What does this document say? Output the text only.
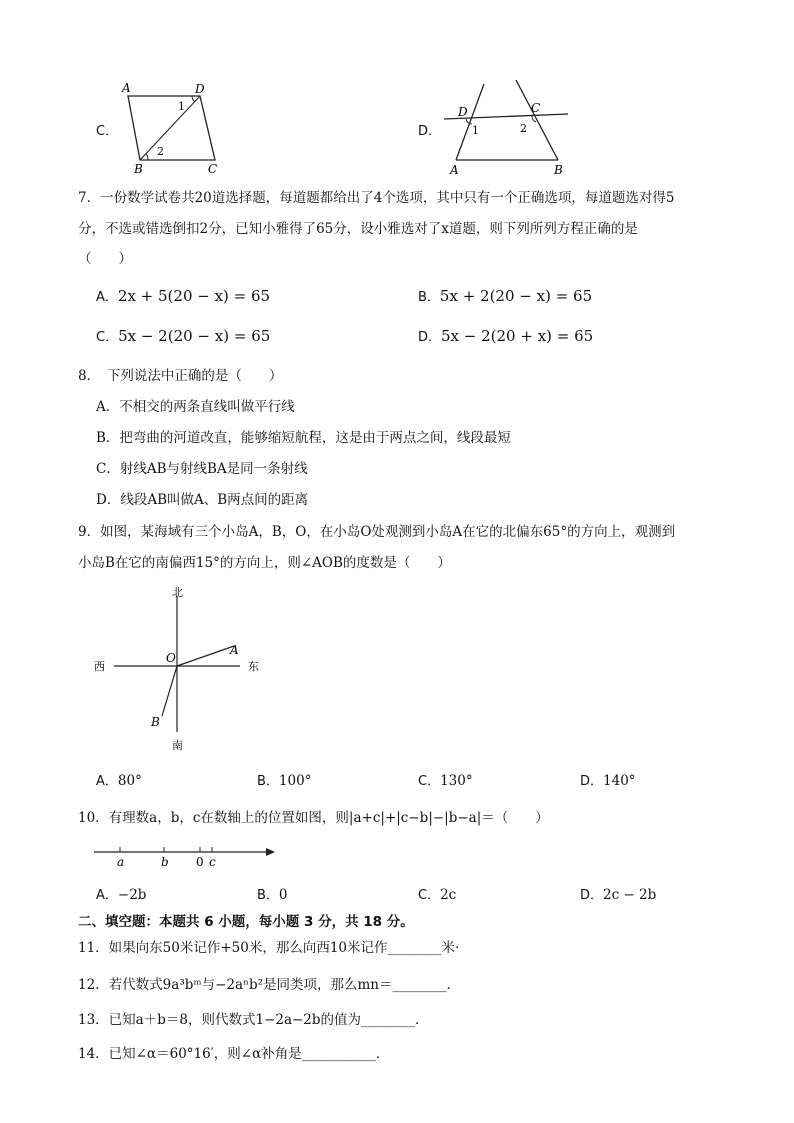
C．
A	D
B	C
1
2
D．
D	C
A	B
1	2
7．一份数学试卷共20道选择题，每道题都给出了4个选项，其中只有一个正确选项，每道题选对得5
分，不选或错选倒扣2分，已知小雅得了65分，设小雅选对了x道题，则下列所列方程正确的是
（　　）
A．2x + 5(20 − x) = 65	B．5x + 2(20 − x) = 65
C．5x − 2(20 − x) = 65	D．5x − 2(20 + x) = 65
8．　下列说法中正确的是（　　）
A．不相交的两条直线叫做平行线
B．把弯曲的河道改直，能够缩短航程，这是由于两点之间，线段最短
C．射线AB与射线BA是同一条射线
D．线段AB叫做A、B两点间的距离
9．如图，某海域有三个小岛A，B，O，在小岛O处观测到小岛A在它的北偏东65°的方向上，观测到
小岛B在它的南偏西15°的方向上，则∠AOB的度数是（　　）
北
南
西	东
O
A
B
A．80°	B．100°	C．130°	D．140°
10．有理数a，b，c在数轴上的位置如图，则|a+c|+|c−b|−|b−a|＝（　　）
a	b 0 c
A．−2b	B．0	C．2c	D．2c − 2b
二、填空题：本题共 6 小题，每小题 3 分，共 18 分。
11．如果向东50米记作+50米，那么向西10米记作________米·
12．若代数式9a³bᵐ与−2aⁿb²是同类项，那么mn＝________．
13．已知a＋b＝8，则代数式1−2a−2b的值为________．
14．已知∠α＝60°16′，则∠α补角是___________．
